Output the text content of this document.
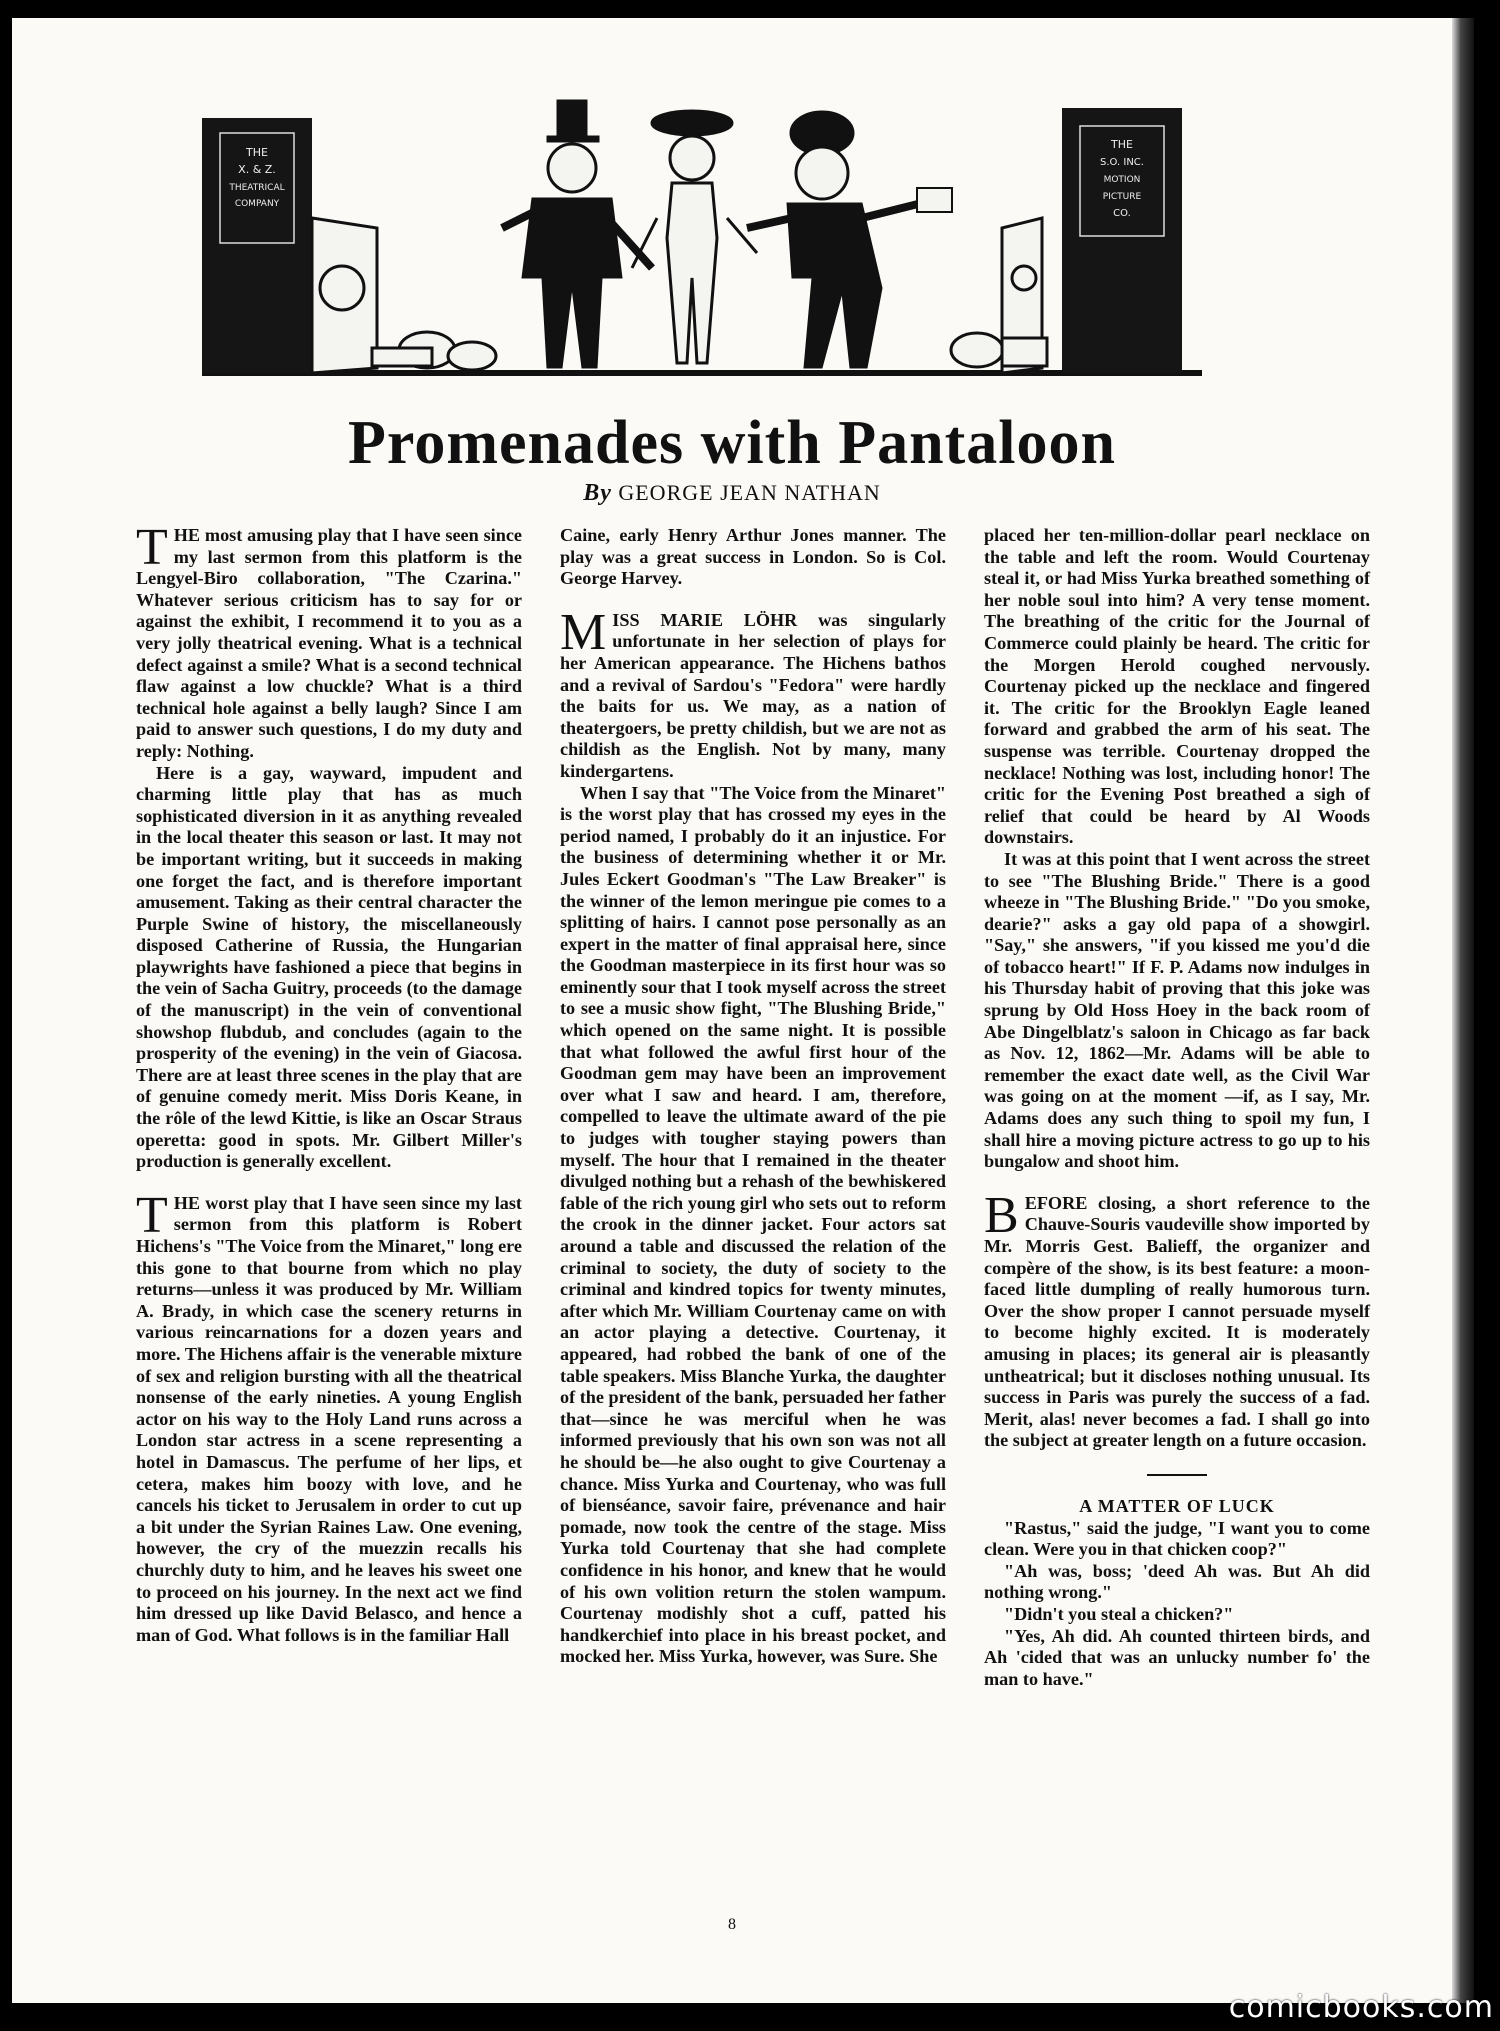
THE
X. & Z.
THEATRICAL
COMPANY
THE
S.O. INC.
MOTION
PICTURE
CO.
Promenades with Pantaloon
By GEORGE JEAN NATHAN

THE most amusing play that I have seen since my last sermon from this platform is the Lengyel-Biro collaboration, "The Czarina." Whatever serious criticism has to say for or against the exhibit, I recommend it to you as a very jolly theatrical evening. What is a technical defect against a smile? What is a second technical flaw against a low chuckle? What is a third technical hole against a belly laugh? Since I am paid to answer such questions, I do my duty and reply: Nothing.

Here is a gay, wayward, impudent and charming little play that has as much sophisticated diversion in it as anything revealed in the local theater this season or last. It may not be important writing, but it succeeds in making one forget the fact, and is therefore important amusement. Taking as their central character the Purple Swine of history, the miscellaneously disposed Catherine of Russia, the Hungarian playwrights have fashioned a piece that begins in the vein of Sacha Guitry, proceeds (to the damage of the manuscript) in the vein of conventional showshop flubdub, and concludes (again to the prosperity of the evening) in the vein of Giacosa. There are at least three scenes in the play that are of genuine comedy merit. Miss Doris Keane, in the rôle of the lewd Kittie, is like an Oscar Straus operetta: good in spots. Mr. Gilbert Miller's production is generally excellent.

THE worst play that I have seen since my last sermon from this platform is Robert Hichens's "The Voice from the Minaret," long ere this gone to that bourne from which no play returns—unless it was produced by Mr. William A. Brady, in which case the scenery returns in various reincarnations for a dozen years and more. The Hichens affair is the venerable mixture of sex and religion bursting with all the theatrical nonsense of the early nineties. A young English actor on his way to the Holy Land runs across a London star actress in a scene representing a hotel in Damascus. The perfume of her lips, et cetera, makes him boozy with love, and he cancels his ticket to Jerusalem in order to cut up a bit under the Syrian Raines Law. One evening, however, the cry of the muezzin recalls his churchly duty to him, and he leaves his sweet one to proceed on his journey. In the next act we find him dressed up like David Belasco, and hence a man of God. What follows is in the familiar Hall

Caine, early Henry Arthur Jones manner. The play was a great success in London. So is Col. George Harvey.

MISS MARIE LÖHR was singularly unfortunate in her selection of plays for her American appearance. The Hichens bathos and a revival of Sardou's "Fedora" were hardly the baits for us. We may, as a nation of theatergoers, be pretty childish, but we are not as childish as the English. Not by many, many kindergartens.

When I say that "The Voice from the Minaret" is the worst play that has crossed my eyes in the period named, I probably do it an injustice. For the business of determining whether it or Mr. Jules Eckert Goodman's "The Law Breaker" is the winner of the lemon meringue pie comes to a splitting of hairs. I cannot pose personally as an expert in the matter of final appraisal here, since the Goodman masterpiece in its first hour was so eminently sour that I took myself across the street to see a music show fight, "The Blushing Bride," which opened on the same night. It is possible that what followed the awful first hour of the Goodman gem may have been an improvement over what I saw and heard. I am, therefore, compelled to leave the ultimate award of the pie to judges with tougher staying powers than myself. The hour that I remained in the theater divulged nothing but a rehash of the bewhiskered fable of the rich young girl who sets out to reform the crook in the dinner jacket. Four actors sat around a table and discussed the relation of the criminal to society, the duty of society to the criminal and kindred topics for twenty minutes, after which Mr. William Courtenay came on with an actor playing a detective. Courtenay, it appeared, had robbed the bank of one of the table speakers. Miss Blanche Yurka, the daughter of the president of the bank, persuaded her father that—since he was merciful when he was informed previously that his own son was not all he should be—he also ought to give Courtenay a chance. Miss Yurka and Courtenay, who was full of bienséance, savoir faire, prévenance and hair pomade, now took the centre of the stage. Miss Yurka told Courtenay that she had complete confidence in his honor, and knew that he would of his own volition return the stolen wampum. Courtenay modishly shot a cuff, patted his handkerchief into place in his breast pocket, and mocked her. Miss Yurka, however, was Sure. She

placed her ten-million-dollar pearl necklace on the table and left the room. Would Courtenay steal it, or had Miss Yurka breathed something of her noble soul into him? A very tense moment. The breathing of the critic for the Journal of Commerce could plainly be heard. The critic for the Morgen Herold coughed nervously. Courtenay picked up the necklace and fingered it. The critic for the Brooklyn Eagle leaned forward and grabbed the arm of his seat. The suspense was terrible. Courtenay dropped the necklace! Nothing was lost, including honor! The critic for the Evening Post breathed a sigh of relief that could be heard by Al Woods downstairs.

It was at this point that I went across the street to see "The Blushing Bride." There is a good wheeze in "The Blushing Bride." "Do you smoke, dearie?" asks a gay old papa of a showgirl. "Say," she answers, "if you kissed me you'd die of tobacco heart!" If F. P. Adams now indulges in his Thursday habit of proving that this joke was sprung by Old Hoss Hoey in the back room of Abe Dingelblatz's saloon in Chicago as far back as Nov. 12, 1862—Mr. Adams will be able to remember the exact date well, as the Civil War was going on at the moment —if, as I say, Mr. Adams does any such thing to spoil my fun, I shall hire a moving picture actress to go up to his bungalow and shoot him.

BEFORE closing, a short reference to the Chauve-Souris vaudeville show imported by Mr. Morris Gest. Balieff, the organizer and compère of the show, is its best feature: a moon-faced little dumpling of really humorous turn. Over the show proper I cannot persuade myself to become highly excited. It is moderately amusing in places; its general air is pleasantly untheatrical; but it discloses nothing unusual. Its success in Paris was purely the success of a fad. Merit, alas! never becomes a fad. I shall go into the subject at greater length on a future occasion.

A MATTER OF LUCK

"Rastus," said the judge, "I want you to come clean. Were you in that chicken coop?"

"Ah was, boss; 'deed Ah was. But Ah did nothing wrong."

"Didn't you steal a chicken?"

"Yes, Ah did. Ah counted thirteen birds, and Ah 'cided that was an unlucky number fo' the man to have."

8
comicbooks.com
